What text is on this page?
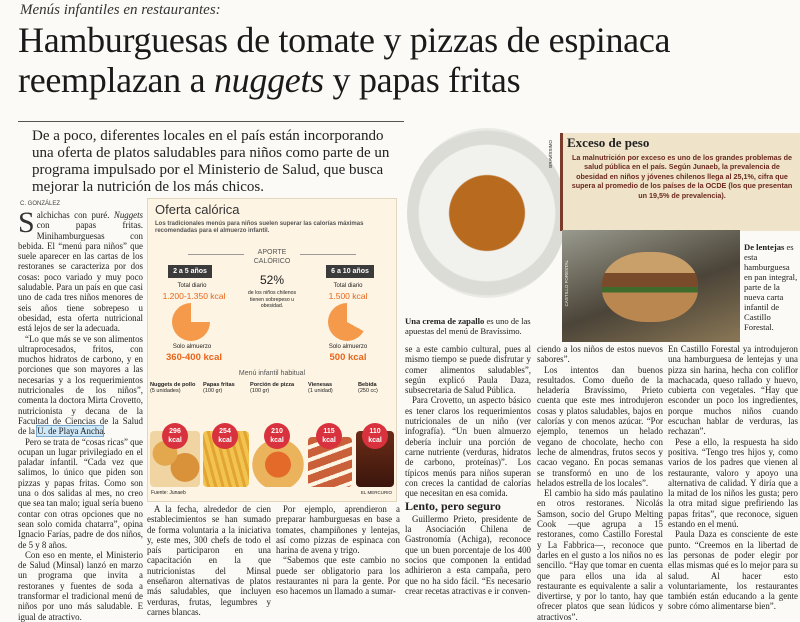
Menús infantiles en restaurantes:
Hamburguesas de tomate y pizzas de espinaca reemplazan a nuggets y papas fritas
De a poco, diferentes locales en el país están incorporando una oferta de platos saludables para niños como parte de un programa impulsado por el Ministerio de Salud, que busca mejorar la nutrición de los más chicos.
C. GONZÁLEZ

Salchichas con puré. Nuggets con papas fritas. Minihamburguesas con bebida. El “menú para niños” que suele aparecer en las cartas de los restoranes se caracteriza por dos cosas: poco variado y muy poco saludable. Para un país en que casi uno de cada tres niños menores de seis años tiene sobrepeso u obesidad, esta oferta nutricional está lejos de ser la adecuada.

“Lo que más se ve son alimentos ultraprocesados, fritos, con muchos hidratos de carbono, y en porciones que son mayores a las necesarias y a los requerimientos nutricionales de los niños”, comenta la doctora Mirta Crovetto, nutricionista y decana de la Facultad de Ciencias de la Salud de la U. de Playa Ancha.

Pero se trata de “cosas ricas” que ocupan un lugar privilegiado en el paladar infantil. “Cada vez que salimos, lo único que piden son pizzas y papas fritas. Como son una o dos salidas al mes, no creo que sea tan malo; igual sería bueno contar con otras opciones que no sean solo comida chatarra”, opina Ignacio Farías, padre de dos niños, de 5 y 8 años.

Con eso en mente, el Ministerio de Salud (Minsal) lanzó en marzo un programa que invita a restoranes y fuentes de soda a transformar el tradicional menú de niños por uno más saludable. E igual de atractivo.

Oferta calórica
Los tradicionales menús para niños suelen superar las calorías máximas recomendadas para el almuerzo infantil.
APORTE CALÓRICO
2 a 5 años
Total diario
1.200-1.350 kcal
Solo almuerzo
360-400 kcal
52%
de los niños chilenos tienen sobrepeso u obesidad.
6 a 10 años
Total diario
1.500 kcal
Solo almuerzo
500 kcal
Menú infantil habitual
Nuggets de pollo
(5 unidades)
Papas fritas
(100 gr)
Porción de pizza
(100 gr)
Vienesas
(1 unidad)
Bebida
(250 cc)
296
kcal
254
kcal
210
kcal
115
kcal
110
kcal
Fuente: Junaeb	EL MERCURIO

A la fecha, alrededor de cien establecimientos se han sumado de forma voluntaria a la iniciativa y, este mes, 300 chefs de todo el país participaron en una capacitación en la que nutricionistas del Minsal enseñaron alternativas de platos más saludables, que incluyen verduras, frutas, legumbres y carnes blancas.

Por ejemplo, aprendieron a preparar hamburguesas en base a tomates, champiñones y lentejas, así como pizzas de espinaca con harina de avena y trigo.

“Sabemos que este cambio no puede ser obligatorio para los restaurantes ni para la gente. Por eso hacemos un llamado a sumar-

BRAVÍSSIMO
Una crema de zapallo es uno de las apuestas del menú de Bravíssimo.

se a este cambio cultural, pues al mismo tiempo se puede disfrutar y comer alimentos saludables”, según explicó Paula Daza, subsecretaria de Salud Pública.

Para Crovetto, un aspecto básico es tener claros los requerimientos nutricionales de un niño (ver infografía). “Un buen almuerzo debería incluir una porción de carne nutriente (verduras, hidratos de carbono, proteínas)”. Los típicos menús para niños superan con creces la cantidad de calorías que necesitan en esa comida.

Lento, pero seguro

Guillermo Prieto, presidente de la Asociación Chilena de Gastronomía (Achiga), reconoce que un buen porcentaje de los 400 socios que componen la entidad adhirieron a esta campaña, pero que no ha sido fácil. “Es necesario crear recetas atractivas e ir conven-

ciendo a los niños de estos nuevos sabores”.

Los intentos dan buenos resultados. Como dueño de la heladería Bravíssimo, Prieto cuenta que este mes introdujeron cosas y platos saludables, bajos en calorías y con menos azúcar. “Por ejemplo, tenemos un helado vegano de chocolate, hecho con leche de almendras, frutos secos y cacao vegano. En pocas semanas se transformó en uno de los helados estrella de los locales”.

El cambio ha sido más paulatino en otros restoranes. Nicolás Samson, socio del Grupo Melting Cook —que agrupa a 15 restoranes, como Castillo Forestal y La Fabbrica—, reconoce que darles en el gusto a los niños no es sencillo. “Hay que tomar en cuenta que para ellos una ida al restaurante es equivalente a salir a divertirse, y por lo tanto, hay que ofrecer platos que sean lúdicos y atractivos”.

Exceso de peso
La malnutrición por exceso es uno de los grandes problemas de salud pública en el país. Según Junaeb, la prevalencia de obesidad en niños y jóvenes chilenos llega al 25,1%, cifra que supera al promedio de los países de la OCDE (los que presentan un 19,5% de prevalencia).
CASTILLO FORESTAL
De lentejas es esta hamburguesa en pan integral, parte de la nueva carta infantil de Castillo Forestal.

En Castillo Forestal ya introdujeron una hamburguesa de lentejas y una pizza sin harina, hecha con coliflor machacada, queso rallado y huevo, cubierta con vegetales. “Hay que esconder un poco los ingredientes, porque muchos niños cuando escuchan hablar de verduras, las rechazan”.

Pese a ello, la respuesta ha sido positiva. “Tengo tres hijos y, como varios de los padres que vienen al restaurante, valoro y apoyo una alternativa de calidad. Y diría que a la mitad de los niños les gusta; pero la otra mitad sigue prefiriendo las papas fritas”, que reconoce, siguen estando en el menú.

Paula Daza es consciente de este punto. “Creemos en la libertad de las personas de poder elegir por ellas mismas qué es lo mejor para su salud. Al hacer esto voluntariamente, los restaurantes también están educando a la gente sobre cómo alimentarse bien”.
